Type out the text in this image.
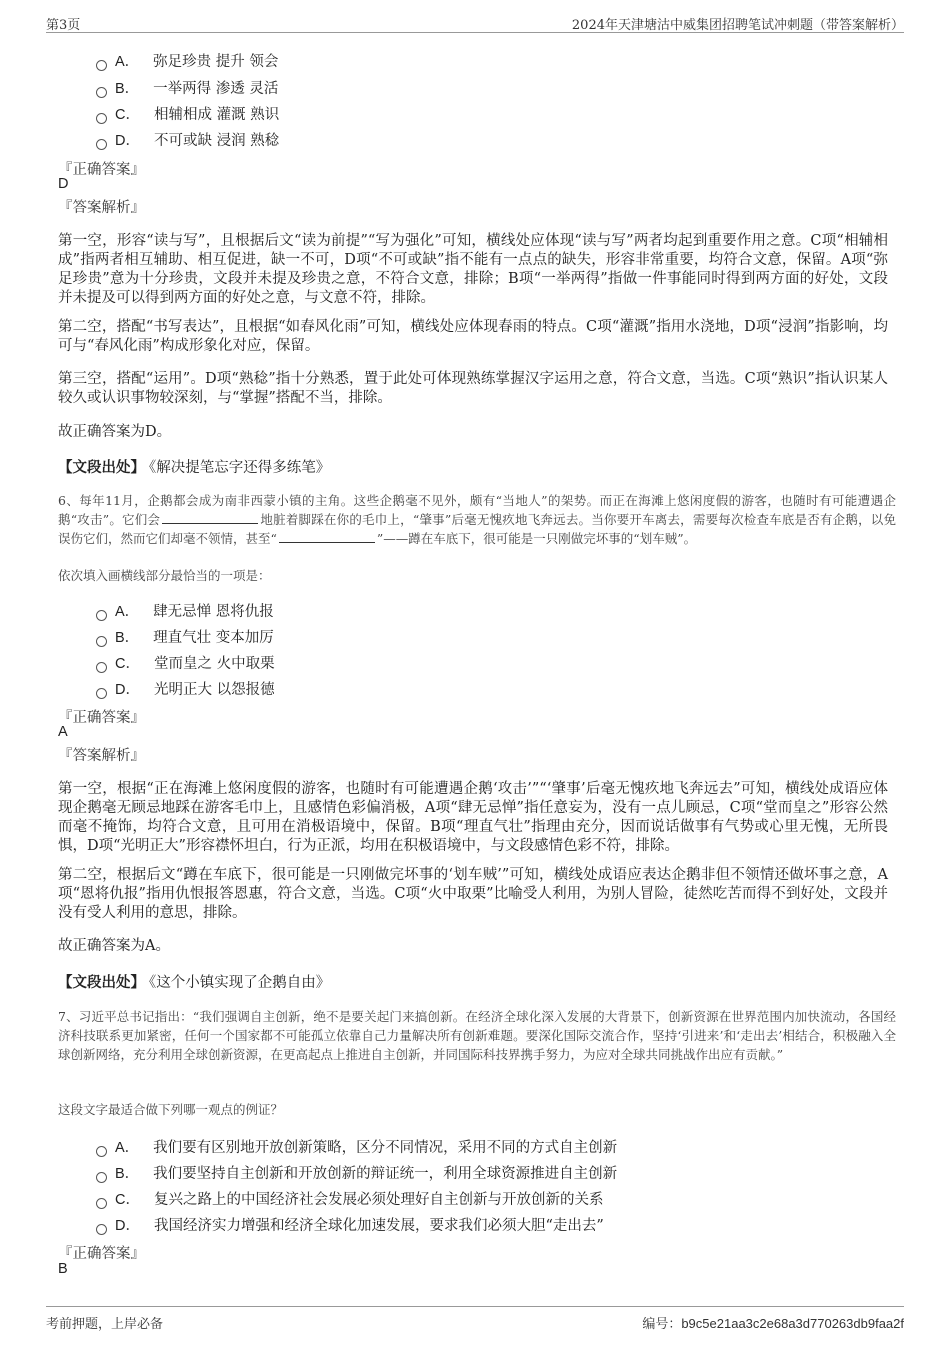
第3页	2024年天津塘沽中威集团招聘笔试冲刺题（带答案解析）
A． 弥足珍贵 提升 领会
B． 一举两得 渗透 灵活
C． 相辅相成 灌溉 熟识
D． 不可或缺 浸润 熟稔
『正确答案』
D
『答案解析』

第一空，形容“读与写”，且根据后文“读为前提”“写为强化”可知，横线处应体现“读与写”两者均起到重要作用之意。C项“相辅相成”指两者相互辅助、相互促进，缺一不可，D项“不可或缺”指不能有一点点的缺失，形容非常重要，均符合文意，保留。A项“弥足珍贵”意为十分珍贵，文段并未提及珍贵之意，不符合文意，排除；B项“一举两得”指做一件事能同时得到两方面的好处，文段并未提及可以得到两方面的好处之意，与文意不符，排除。

第二空，搭配“书写表达”，且根据“如春风化雨”可知，横线处应体现春雨的特点。C项“灌溉”指用水浇地，D项“浸润”指影响，均可与“春风化雨”构成形象化对应，保留。

第三空，搭配“运用”。D项“熟稔”指十分熟悉，置于此处可体现熟练掌握汉字运用之意，符合文意，当选。C项“熟识”指认识某人较久或认识事物较深刻，与“掌握”搭配不当，排除。

故正确答案为D。

【文段出处】 《解决提笔忘字还得多练笔》

6、每年11月，企鹅都会成为南非西蒙小镇的主角。这些企鹅毫不见外，颇有“当地人”的架势。而正在海滩上悠闲度假的游客，也随时有可能遭遇企鹅“攻击”。它们会	地脏着脚踩在你的毛巾上，“肇事”后毫无愧疚地飞奔远去。当你要开车离去，需要每次检查车底是否有企鹅，以免误伤它们，然而它们却毫不领情，甚至“	”——蹲在车底下，很可能是一只刚做完坏事的“划车贼”。

依次填入画横线部分最恰当的一项是：

A． 肆无忌惮 恩将仇报
B． 理直气壮 变本加厉
C． 堂而皇之 火中取栗
D． 光明正大 以怨报德
『正确答案』
A
『答案解析』

第一空，根据“正在海滩上悠闲度假的游客，也随时有可能遭遇企鹅‘攻击’”“‘肇事’后毫无愧疚地飞奔远去”可知，横线处成语应体现企鹅毫无顾忌地踩在游客毛巾上，且感情色彩偏消极，A项“肆无忌惮”指任意妄为，没有一点儿顾忌，C项“堂而皇之”形容公然而毫不掩饰，均符合文意，且可用在消极语境中，保留。B项“理直气壮”指理由充分，因而说话做事有气势或心里无愧，无所畏惧，D项“光明正大”形容襟怀坦白，行为正派，均用在积极语境中，与文段感情色彩不符，排除。

第二空，根据后文“蹲在车底下，很可能是一只刚做完坏事的‘划车贼’”可知，横线处成语应表达企鹅非但不领情还做坏事之意，A项“恩将仇报”指用仇恨报答恩惠，符合文意，当选。C项“火中取栗”比喻受人利用，为别人冒险，徒然吃苦而得不到好处，文段并没有受人利用的意思，排除。

故正确答案为A。

【文段出处】 《这个小镇实现了企鹅自由》

7、习近平总书记指出：“我们强调自主创新，绝不是要关起门来搞创新。在经济全球化深入发展的大背景下，创新资源在世界范围内加快流动，各国经济科技联系更加紧密，任何一个国家都不可能孤立依靠自己力量解决所有创新难题。要深化国际交流合作，坚持‘引进来’和‘走出去’相结合，积极融入全球创新网络，充分利用全球创新资源，在更高起点上推进自主创新，并同国际科技界携手努力，为应对全球共同挑战作出应有贡献。”

这段文字最适合做下列哪一观点的例证？

A． 我们要有区别地开放创新策略，区分不同情况，采用不同的方式自主创新
B． 我们要坚持自主创新和开放创新的辩证统一，利用全球资源推进自主创新
C． 复兴之路上的中国经济社会发展必须处理好自主创新与开放创新的关系
D． 我国经济实力增强和经济全球化加速发展，要求我们必须大胆“走出去”
『正确答案』
B
考前押题，上岸必备	编号：b9c5e21aa3c2e68a3d770263db9faa2f
